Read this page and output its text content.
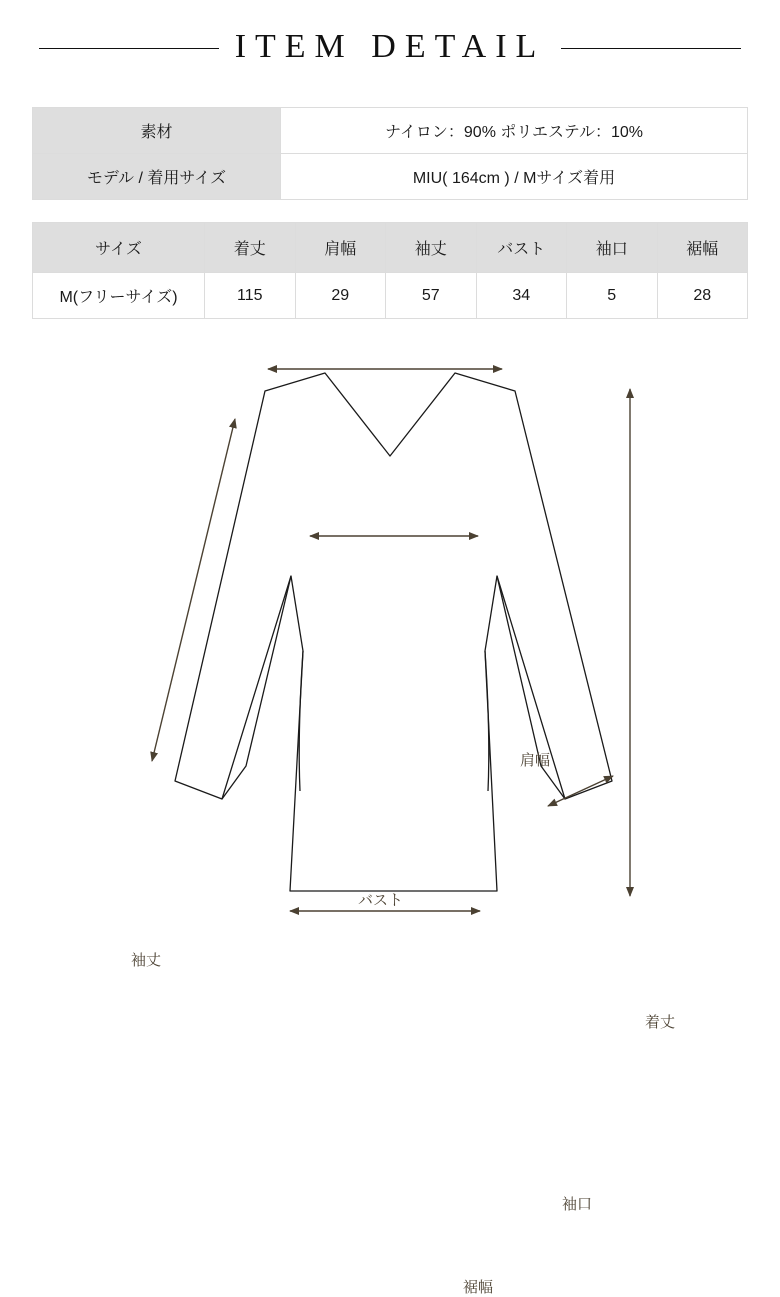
ITEM DETAIL
素材	ナイロン：90% ポリエステル：10%
モデル / 着用サイズ	MIU( 164cm ) / Mサイズ着用
サイズ	着丈	肩幅	袖丈	バスト	袖口	裾幅
M(フリーサイズ)	115	29	57	34	5	28
肩幅
バスト
袖丈
着丈
袖口
裾幅
